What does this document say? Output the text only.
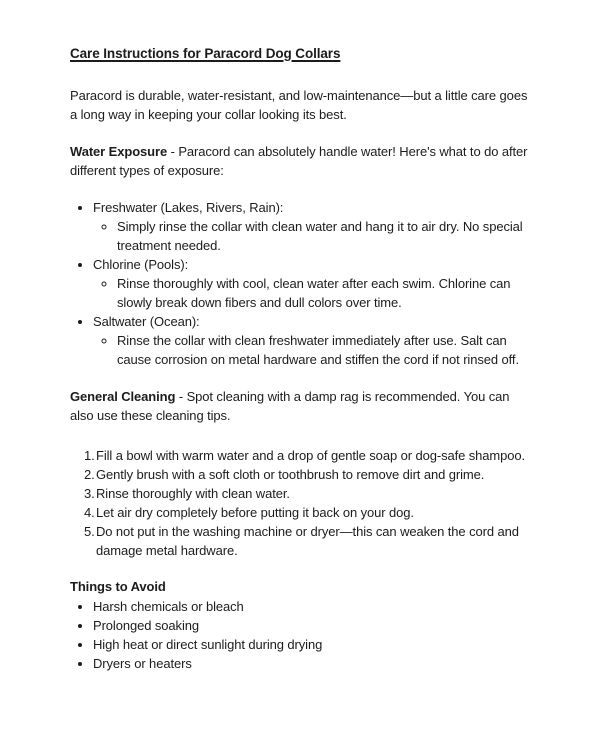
Care Instructions for Paracord Dog Collars

Paracord is durable, water-resistant, and low-maintenance—but a little care goes a long way in keeping your collar looking its best.

Water Exposure - Paracord can absolutely handle water! Here's what to do after different types of exposure:

• Freshwater (Lakes, Rivers, Rain):
◦ Simply rinse the collar with clean water and hang it to air dry. No special treatment needed.
• Chlorine (Pools):
◦ Rinse thoroughly with cool, clean water after each swim. Chlorine can slowly break down fibers and dull colors over time.
• Saltwater (Ocean):
◦ Rinse the collar with clean freshwater immediately after use. Salt can cause corrosion on metal hardware and stiffen the cord if not rinsed off.

General Cleaning - Spot cleaning with a damp rag is recommended. You can also use these cleaning tips.

Fill a bowl with warm water and a drop of gentle soap or dog-safe shampoo.
Gently brush with a soft cloth or toothbrush to remove dirt and grime.
Rinse thoroughly with clean water.
Let air dry completely before putting it back on your dog.
Do not put in the washing machine or dryer—this can weaken the cord and damage metal hardware.
Things to Avoid
• Harsh chemicals or bleach
• Prolonged soaking
• High heat or direct sunlight during drying
• Dryers or heaters
